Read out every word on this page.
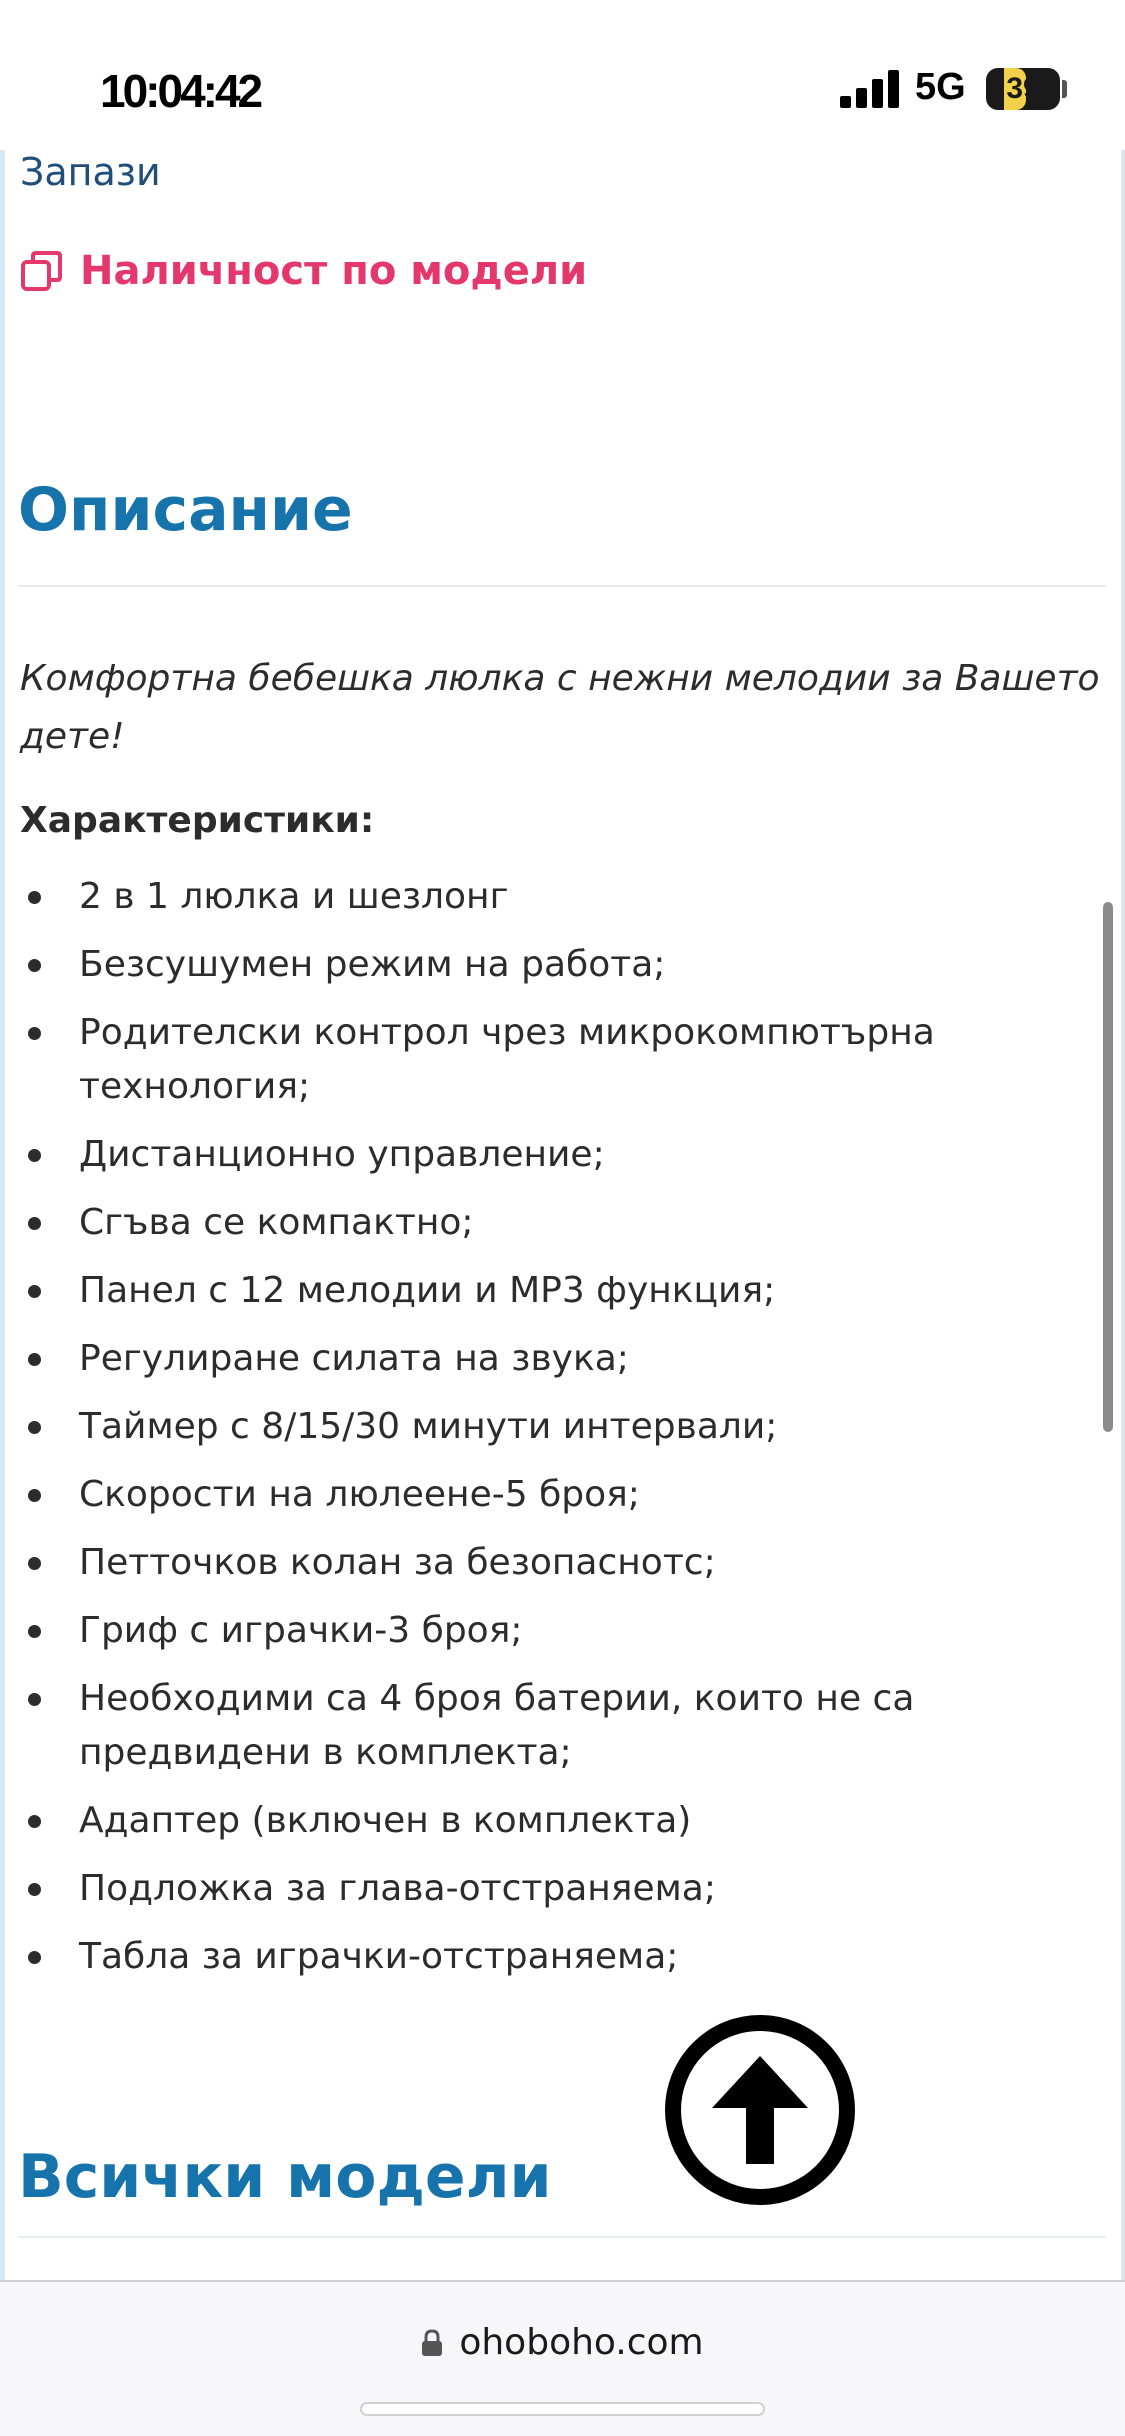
10:04:42	5G	39
Запази
Наличност по модели
Описание
Комфортна бебешка люлка с нежни мелодии за Вашето дете!
Характеристики:
2 в 1 люлка и шезлонг
Безсушумен режим на работа;
Родителски контрол чрез микрокомпютърна технология;
Дистанционно управление;
Сгъва се компактно;
Панел с 12 мелодии и MP3 функция;
Регулиране силата на звука;
Таймер с 8/15/30 минути интервали;
Скорости на люлеене-5 броя;
Петточков колан за безопаснотс;
Гриф с играчки-3 броя;
Необходими са 4 броя батерии, които не са предвидени в комплекта;
Адаптер (включен в комплекта)
Подложка за глава-отстраняема;
Табла за играчки-отстраняема;
Всички модели
ohoboho.com
